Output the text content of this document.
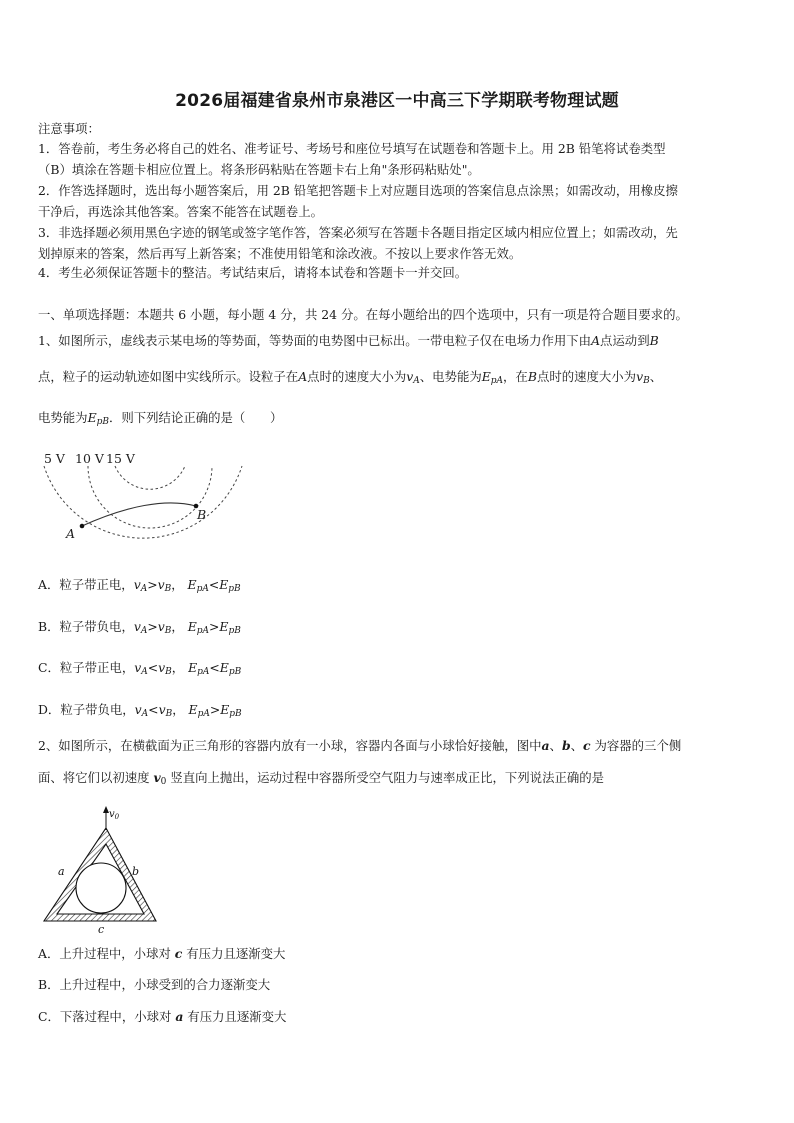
2026届福建省泉州市泉港区一中高三下学期联考物理试题
注意事项：
1．答卷前，考生务必将自己的姓名、准考证号、考场号和座位号填写在试题卷和答题卡上。用 2B 铅笔将试卷类型
（B）填涂在答题卡相应位置上。将条形码粘贴在答题卡右上角"条形码粘贴处"。
2．作答选择题时，选出每小题答案后，用 2B 铅笔把答题卡上对应题目选项的答案信息点涂黑；如需改动，用橡皮擦
干净后，再选涂其他答案。答案不能答在试题卷上。
3．非选择题必须用黑色字迹的钢笔或签字笔作答，答案必须写在答题卡各题目指定区域内相应位置上；如需改动，先
划掉原来的答案，然后再写上新答案；不准使用铅笔和涂改液。不按以上要求作答无效。
4．考生必须保证答题卡的整洁。考试结束后，请将本试卷和答题卡一并交回。
一、单项选择题：本题共 6 小题，每小题 4 分，共 24 分。在每小题给出的四个选项中，只有一项是符合题目要求的。
1、如图所示，虚线表示某电场的等势面，等势面的电势图中已标出。一带电粒子仅在电场力作用下由A点运动到B
点，粒子的运动轨迹如图中实线所示。设粒子在A点时的速度大小为$v_A$、电势能为$E_{pA}$，在B点时的速度大小为$v_B$、
电势能为$E_{pB}$．则下列结论正确的是（　　）
5 V 10 V 15 V
A
B
A．粒子带正电，$v_A>v_B$， $E_{pA}<E_{pB}$
B．粒子带负电，$v_A>v_B$， $E_{pA}>E_{pB}$
C．粒子带正电，$v_A<v_B$， $E_{pA}<E_{pB}$
D．粒子带负电，$v_A<v_B$， $E_{pA}>E_{pB}$
2、如图所示，在横截面为正三角形的容器内放有一小球，容器内各面与小球恰好接触，图中a、b、c 为容器的三个侧
面、将它们以初速度 $v_0$ 竖直向上抛出，运动过程中容器所受空气阻力与速率成正比，下列说法正确的是
$v_0$
a	b
c
A．上升过程中，小球对 c 有压力且逐渐变大
B．上升过程中，小球受到的合力逐渐变大
C．下落过程中，小球对 a 有压力且逐渐变大
